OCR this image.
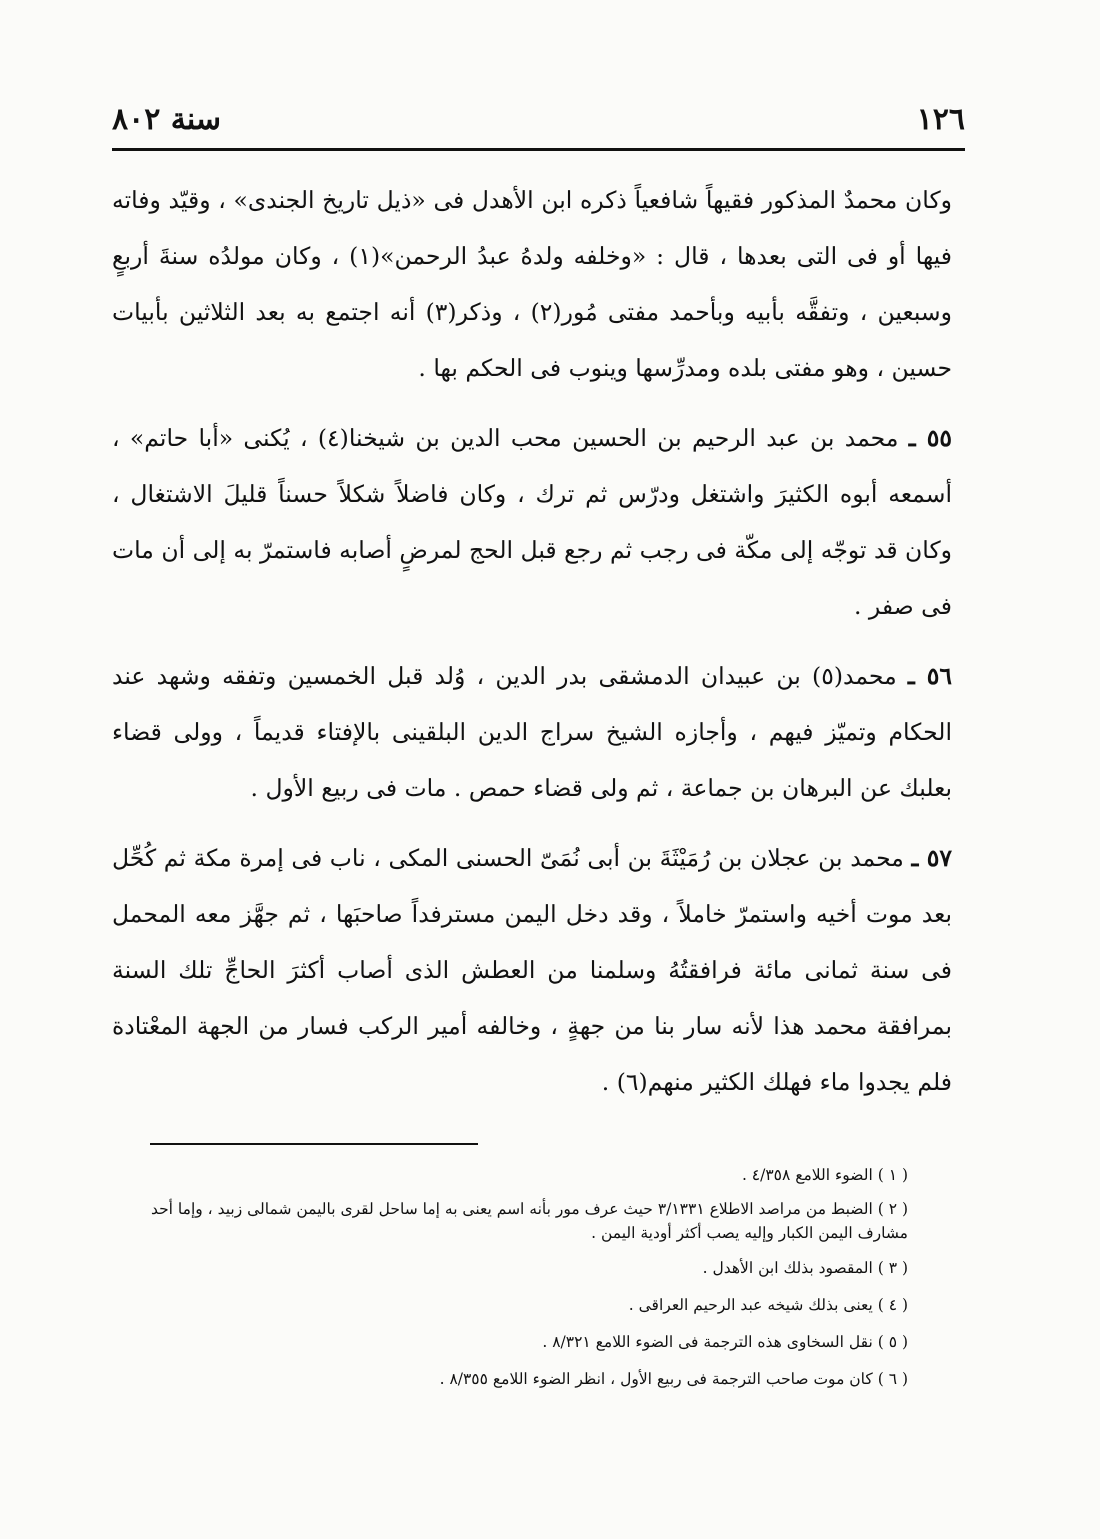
١٢٦
سنة ٨٠٢

وكان محمدٌ المذكور فقيهاً شافعياً ذكره ابن الأهدل فى «ذيل تاريخ الجندى» ، وقيّد وفاته فيها أو فى التى بعدها ، قال : «وخلفه ولدهُ عبدُ الرحمن»(١) ، وكان مولدُه سنةَ أربعٍ وسبعين ، وتفقَّه بأبيه وبأحمد مفتى مُور(٢) ، وذكر(٣) أنه اجتمع به بعد الثلاثين بأبيات حسين ، وهو مفتى بلده ومدرِّسها وينوب فى الحكم بها .

٥٥ ـ محمد بن عبد الرحيم بن الحسين محب الدين بن شيخنا(٤) ، يُكنى «أبا حاتم» ، أسمعه أبوه الكثيرَ واشتغل ودرّس ثم ترك ، وكان فاضلاً شكلاً حسناً قليلَ الاشتغال ، وكان قد توجّه إلى مكّة فى رجب ثم رجع قبل الحج لمرضٍ أصابه فاستمرّ به إلى أن مات فى صفر .

٥٦ ـ محمد(٥) بن عبيدان الدمشقى بدر الدين ، وُلد قبل الخمسين وتفقه وشهد عند الحكام وتميّز فيهم ، وأجازه الشيخ سراج الدين البلقينى بالإفتاء قديماً ، وولى قضاء بعلبك عن البرهان بن جماعة ، ثم ولى قضاء حمص . مات فى ربيع الأول .

٥٧ ـ محمد بن عجلان بن رُمَيْثَةَ بن أبى نُمَىّ الحسنى المكى ، ناب فى إمرة مكة ثم كُحِّل بعد موت أخيه واستمرّ خاملاً ، وقد دخل اليمن مسترفداً صاحبَها ، ثم جهَّز معه المحمل فى سنة ثمانى مائة فرافقتُهُ وسلمنا من العطش الذى أصاب أكثرَ الحاجِّ تلك السنة بمرافقة محمد هذا لأنه سار بنا من جهةٍ ، وخالفه أمير الركب فسار من الجهة المعْتادة فلم يجدوا ماء فهلك الكثير منهم(٦) .

( ١ ) الضوء اللامع ٤/٣٥٨ .

( ٢ ) الضبط من مراصد الاطلاع ٣/١٣٣١ حيث عرف مور بأنه اسم يعنى به إما ساحل لقرى باليمن شمالى زبيد ، وإما أحد مشارف اليمن الكبار وإليه يصب أكثر أودية اليمن .

( ٣ ) المقصود بذلك ابن الأهدل .

( ٤ ) يعنى بذلك شيخه عبد الرحيم العراقى .

( ٥ ) نقل السخاوى هذه الترجمة فى الضوء اللامع ٨/٣٢١ .

( ٦ ) كان موت صاحب الترجمة فى ربيع الأول ، انظر الضوء اللامع ٨/٣٥٥ .
